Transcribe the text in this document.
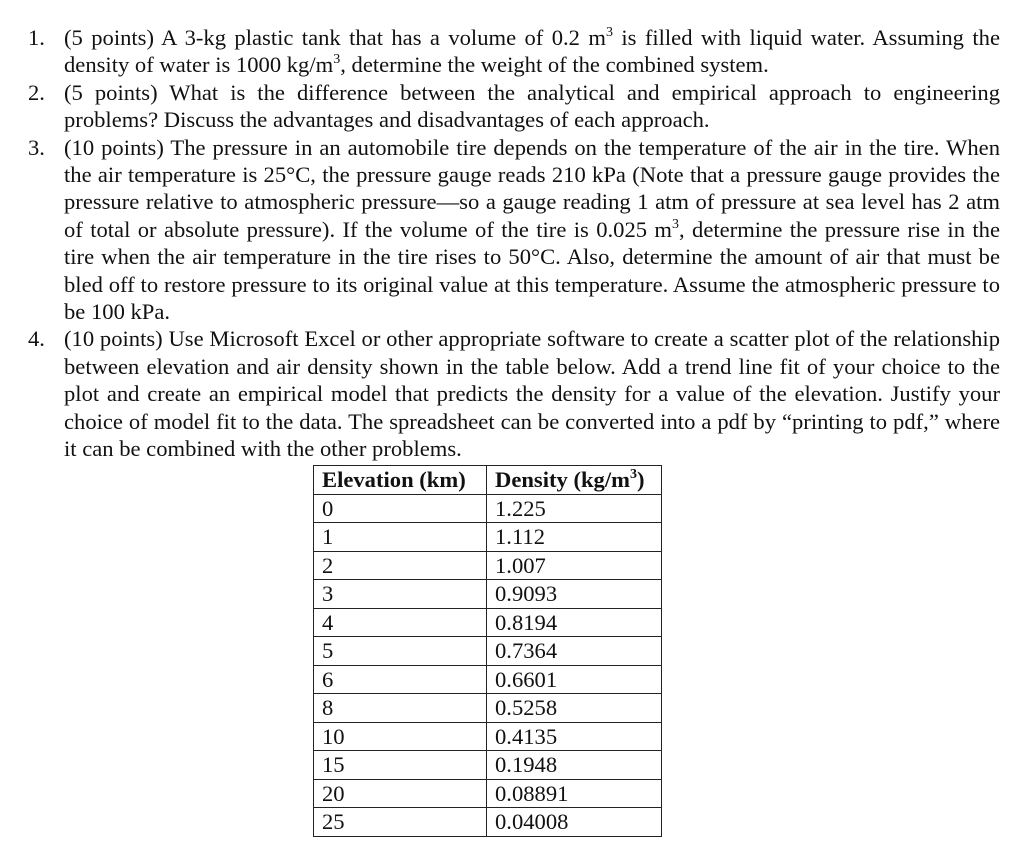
1. (5 points) A 3-kg plastic tank that has a volume of 0.2 $m^3$ is filled with liquid water. Assuming the density of water is 1000 $kg/m^3$, determine the weight of the combined system.
2. (5 points) What is the difference between the analytical and empirical approach to engineering problems? Discuss the advantages and disadvantages of each approach.
3. (10 points) The pressure in an automobile tire depends on the temperature of the air in the tire. When the air temperature is 25°C, the pressure gauge reads 210 kPa (Note that a pressure gauge provides the pressure relative to atmospheric pressure—so a gauge reading 1 atm of pressure at sea level has 2 atm of total or absolute pressure). If the volume of the tire is 0.025 $m^3$, determine the pressure rise in the tire when the air temperature in the tire rises to 50°C. Also, determine the amount of air that must be bled off to restore pressure to its original value at this temperature. Assume the atmospheric pressure to be 100 kPa.
4. (10 points) Use Microsoft Excel or other appropriate software to create a scatter plot of the relationship between elevation and air density shown in the table below. Add a trend line fit of your choice to the plot and create an empirical model that predicts the density for a value of the elevation. Justify your choice of model fit to the data. The spreadsheet can be converted into a pdf by “printing to pdf,” where it can be combined with the other problems.
Elevation (km)	Density $(kg/m^3)$
0	1.225
1	1.112
2	1.007
3	0.9093
4	0.8194
5	0.7364
6	0.6601
8	0.5258
10	0.4135
15	0.1948
20	0.08891
25	0.04008
